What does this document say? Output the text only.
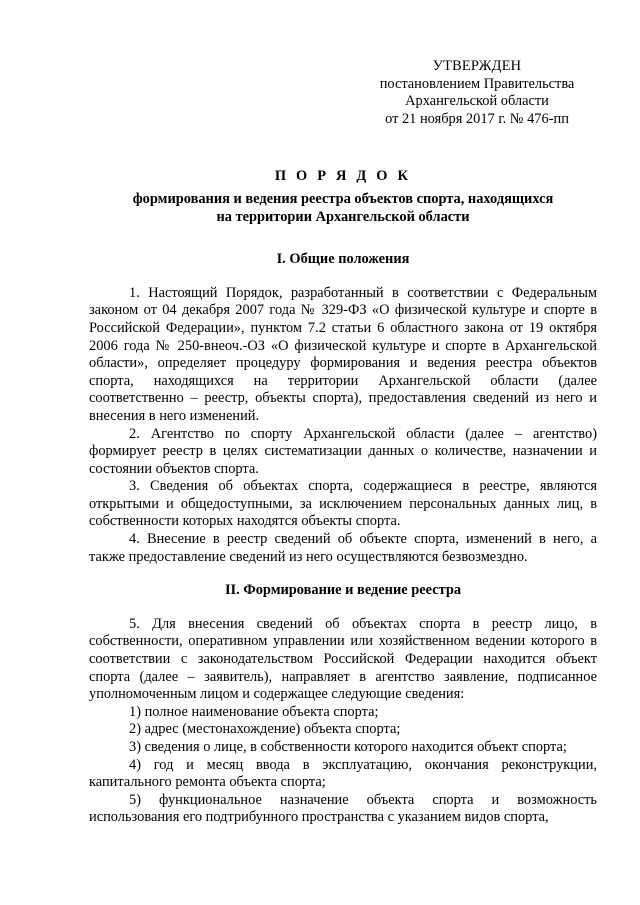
УТВЕРЖДЕН
постановлением Правительства
Архангельской области
от 21 ноября 2017 г. № 476-пп
П О Р Я Д О К
формирования и ведения реестра объектов спорта, находящихся
на территории Архангельской области
I. Общие положения

1. Настоящий Порядок, разработанный в соответствии с Федеральным законом от 04 декабря 2007 года № 329-ФЗ «О физической культуре и спорте в Российской Федерации», пунктом 7.2 статьи 6 областного закона от 19 октября 2006 года № 250-внеоч.-ОЗ «О физической культуре и спорте в Архангельской области», определяет процедуру формирования и ведения реестра объектов спорта, находящихся на территории Архангельской области (далее соответственно – реестр, объекты спорта), предоставления сведений из него и внесения в него изменений.

2. Агентство по спорту Архангельской области (далее – агентство) формирует реестр в целях систематизации данных о количестве, назначении и состоянии объектов спорта.

3. Сведения об объектах спорта, содержащиеся в реестре, являются открытыми и общедоступными, за исключением персональных данных лиц, в собственности которых находятся объекты спорта.

4. Внесение в реестр сведений об объекте спорта, изменений в него, а также предоставление сведений из него осуществляются безвозмездно.

II. Формирование и ведение реестра

5. Для внесения сведений об объектах спорта в реестр лицо, в собственности, оперативном управлении или хозяйственном ведении которого в соответствии с законодательством Российской Федерации находится объект спорта (далее – заявитель), направляет в агентство заявление, подписанное уполномоченным лицом и содержащее следующие сведения:

1) полное наименование объекта спорта;

2) адрес (местонахождение) объекта спорта;

3) сведения о лице, в собственности которого находится объект спорта;

4) год и месяц ввода в эксплуатацию, окончания реконструкции, капитального ремонта объекта спорта;

5) функциональное назначение объекта спорта и возможность использования его подтрибунного пространства с указанием видов спорта,
